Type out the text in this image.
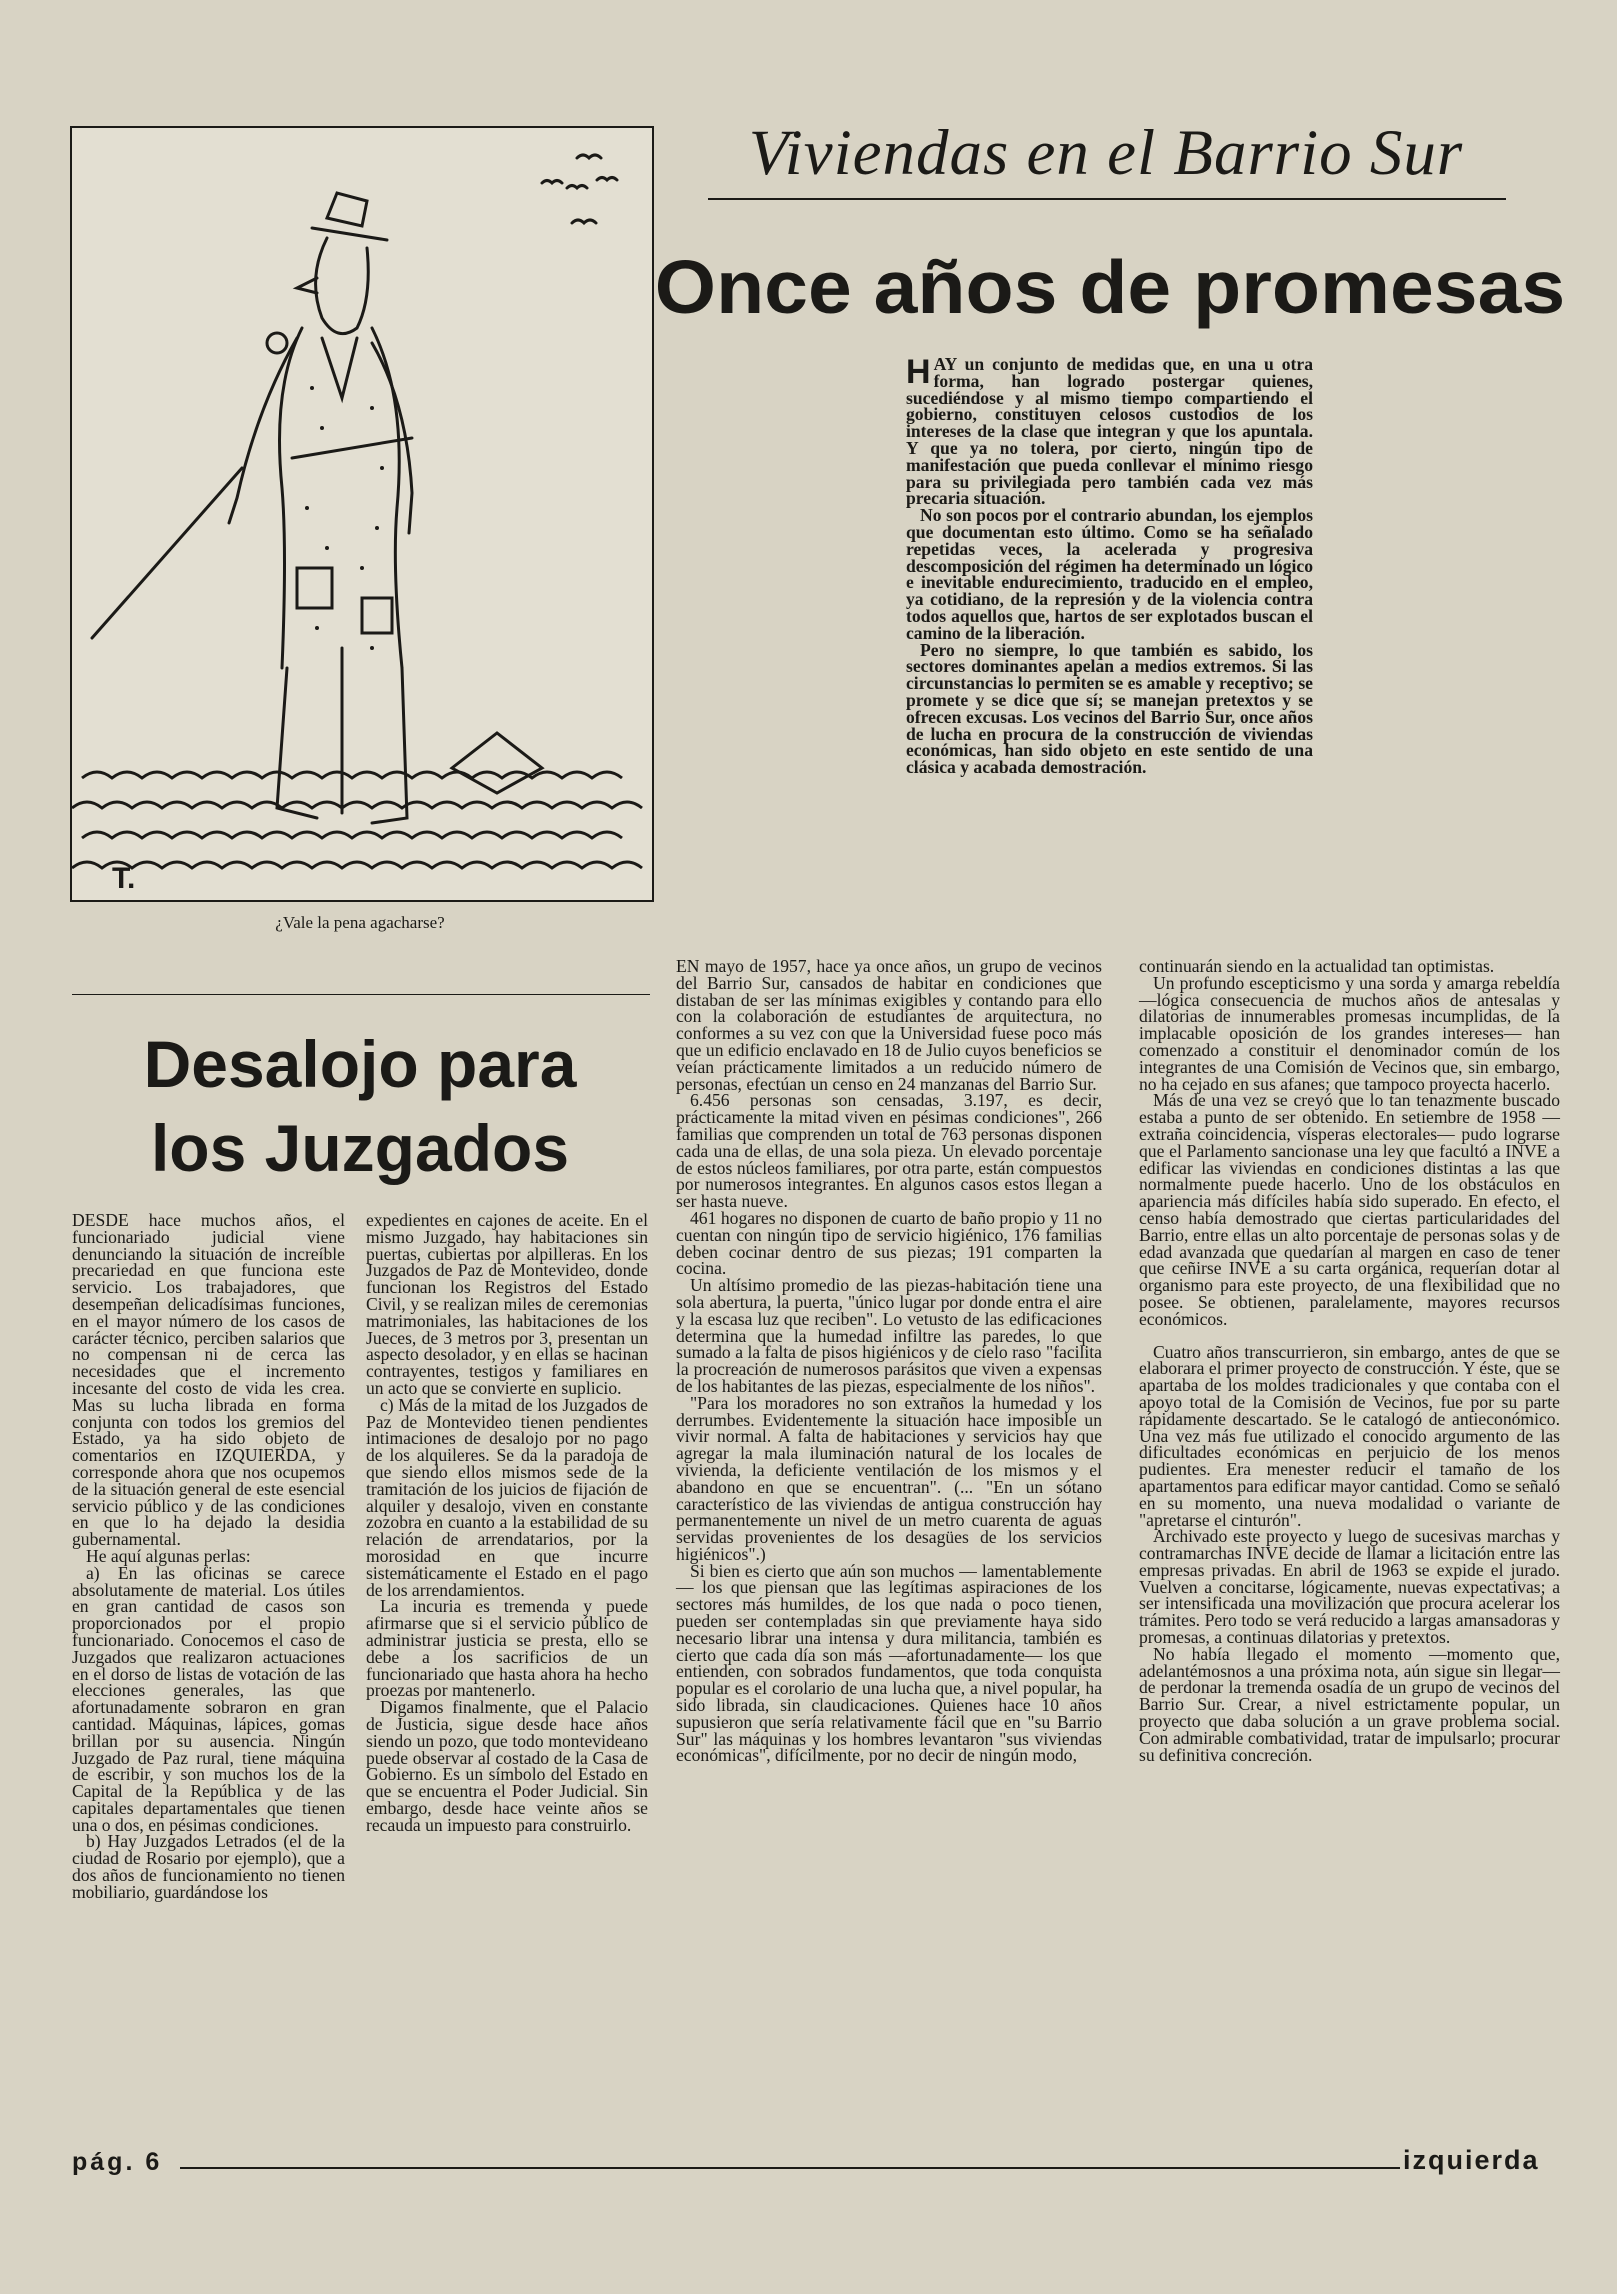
T.
¿Vale la pena agacharse?
Viviendas en el Barrio Sur
Once años de promesas

HAY un conjunto de medidas que, en una u otra forma, han logrado postergar quienes, sucediéndose y al mismo tiempo compartiendo el gobierno, constituyen celosos custodios de los intereses de la clase que integran y que los apuntala. Y que ya no tolera, por cierto, ningún tipo de manifestación que pueda conllevar el mínimo riesgo para su privilegiada pero también cada vez más precaria situación.

No son pocos por el contrario abundan, los ejemplos que documentan esto último. Como se ha señalado repetidas veces, la acelerada y progresiva descomposición del régimen ha determinado un lógico e inevitable endurecimiento, traducido en el empleo, ya cotidiano, de la represión y de la violencia contra todos aquellos que, hartos de ser explotados buscan el camino de la liberación.

Pero no siempre, lo que también es sabido, los sectores dominantes apelan a medios extremos. Si las circunstancias lo permiten se es amable y receptivo; se promete y se dice que sí; se manejan pretextos y se ofrecen excusas. Los vecinos del Barrio Sur, once años de lucha en procura de la construcción de viviendas económicas, han sido objeto en este sentido de una clásica y acabada demostración.

Desalojo para
los Juzgados

DESDE hace muchos años, el funcionariado judicial viene denunciando la situación de increíble precariedad en que funciona este servicio. Los trabajadores, que desempeñan delicadísimas funciones, en el mayor número de los casos de carácter técnico, perciben salarios que no compensan ni de cerca las necesidades que el incremento incesante del costo de vida les crea. Mas su lucha librada en forma conjunta con todos los gremios del Estado, ya ha sido objeto de comentarios en IZQUIERDA, y corresponde ahora que nos ocupemos de la situación general de este esencial servicio público y de las condiciones en que lo ha dejado la desidia gubernamental.

He aquí algunas perlas:

a) En las oficinas se carece absolutamente de material. Los útiles en gran cantidad de casos son proporcionados por el propio funcionariado. Conocemos el caso de Juzgados que realizaron actuaciones en el dorso de listas de votación de las elecciones generales, las que afortunadamente sobraron en gran cantidad. Máquinas, lápices, gomas brillan por su ausencia. Ningún Juzgado de Paz rural, tiene máquina de escribir, y son muchos los de la Capital de la República y de las capitales departamentales que tienen una o dos, en pésimas condiciones.

b) Hay Juzgados Letrados (el de la ciudad de Rosario por ejemplo), que a dos años de funcionamiento no tienen mobiliario, guardándose los

expedientes en cajones de aceite. En el mismo Juzgado, hay habitaciones sin puertas, cubiertas por alpilleras. En los Juzgados de Paz de Montevideo, donde funcionan los Registros del Estado Civil, y se realizan miles de ceremonias matrimoniales, las habitaciones de los Jueces, de 3 metros por 3, presentan un aspecto desolador, y en ellas se hacinan contrayentes, testigos y familiares en un acto que se convierte en suplicio.

c) Más de la mitad de los Juzgados de Paz de Montevideo tienen pendientes intimaciones de desalojo por no pago de los alquileres. Se da la paradoja de que siendo ellos mismos sede de la tramitación de los juicios de fijación de alquiler y desalojo, viven en constante zozobra en cuanto a la estabilidad de su relación de arrendatarios, por la morosidad en que incurre sistemáticamente el Estado en el pago de los arrendamientos.

La incuria es tremenda y puede afirmarse que si el servicio público de administrar justicia se presta, ello se debe a los sacrificios de un funcionariado que hasta ahora ha hecho proezas por mantenerlo.

Digamos finalmente, que el Palacio de Justicia, sigue desde hace años siendo un pozo, que todo montevideano puede observar al costado de la Casa de Gobierno. Es un símbolo del Estado en que se encuentra el Poder Judicial. Sin embargo, desde hace veinte años se recauda un impuesto para construirlo.

EN mayo de 1957, hace ya once años, un grupo de vecinos del Barrio Sur, cansados de habitar en condiciones que distaban de ser las mínimas exigibles y contando para ello con la colaboración de estudiantes de arquitectura, no conformes a su vez con que la Universidad fuese poco más que un edificio enclavado en 18 de Julio cuyos beneficios se veían prácticamente limitados a un reducido número de personas, efectúan un censo en 24 manzanas del Barrio Sur.

6.456 personas son censadas, 3.197, es decir, prácticamente la mitad viven en pésimas condiciones", 266 familias que comprenden un total de 763 personas disponen cada una de ellas, de una sola pieza. Un elevado porcentaje de estos núcleos familiares, por otra parte, están compuestos por numerosos integrantes. En algunos casos estos llegan a ser hasta nueve.

461 hogares no disponen de cuarto de baño propio y 11 no cuentan con ningún tipo de servicio higiénico, 176 familias deben cocinar dentro de sus piezas; 191 comparten la cocina.

Un altísimo promedio de las piezas-habitación tiene una sola abertura, la puerta, "único lugar por donde entra el aire y la escasa luz que reciben". Lo vetusto de las edificaciones determina que la humedad infiltre las paredes, lo que sumado a la falta de pisos higiénicos y de cielo raso "facilita la procreación de numerosos parásitos que viven a expensas de los habitantes de las piezas, especialmente de los niños".

"Para los moradores no son extraños la humedad y los derrumbes. Evidentemente la situación hace imposible un vivir normal. A falta de habitaciones y servicios hay que agregar la mala iluminación natural de los locales de vivienda, la deficiente ventilación de los mismos y el abandono en que se encuentran". (... "En un sótano característico de las viviendas de antigua construcción hay permanentemente un nivel de un metro cuarenta de aguas servidas provenientes de los desagües de los servicios higiénicos".)

Si bien es cierto que aún son muchos — lamentablemente— los que piensan que las legítimas aspiraciones de los sectores más humildes, de los que nada o poco tienen, pueden ser contempladas sin que previamente haya sido necesario librar una intensa y dura militancia, también es cierto que cada día son más —afortunadamente— los que entienden, con sobrados fundamentos, que toda conquista popular es el corolario de una lucha que, a nivel popular, ha sido librada, sin claudicaciones. Quienes hace 10 años supusieron que sería relativamente fácil que en "su Barrio Sur" las máquinas y los hombres levantaron "sus viviendas económicas", difícilmente, por no decir de ningún modo,

continuarán siendo en la actualidad tan optimistas.

Un profundo escepticismo y una sorda y amarga rebeldía —lógica consecuencia de muchos años de antesalas y dilatorias de innumerables promesas incumplidas, de la implacable oposición de los grandes intereses— han comenzado a constituir el denominador común de los integrantes de una Comisión de Vecinos que, sin embargo, no ha cejado en sus afanes; que tampoco proyecta hacerlo.

Más de una vez se creyó que lo tan tenazmente buscado estaba a punto de ser obtenido. En setiembre de 1958 —extraña coincidencia, vísperas electorales— pudo lograrse que el Parlamento sancionase una ley que facultó a INVE a edificar las viviendas en condiciones distintas a las que normalmente puede hacerlo. Uno de los obstáculos en apariencia más difíciles había sido superado. En efecto, el censo había demostrado que ciertas particularidades del Barrio, entre ellas un alto porcentaje de personas solas y de edad avanzada que quedarían al margen en caso de tener que ceñirse INVE a su carta orgánica, requerían dotar al organismo para este proyecto, de una flexibilidad que no posee. Se obtienen, paralelamente, mayores recursos económicos.

Cuatro años transcurrieron, sin embargo, antes de que se elaborara el primer proyecto de construcción. Y éste, que se apartaba de los moldes tradicionales y que contaba con el apoyo total de la Comisión de Vecinos, fue por su parte rápidamente descartado. Se le catalogó de antieconómico. Una vez más fue utilizado el conocido argumento de las dificultades económicas en perjuicio de los menos pudientes. Era menester reducir el tamaño de los apartamentos para edificar mayor cantidad. Como se señaló en su momento, una nueva modalidad o variante de "apretarse el cinturón".

Archivado este proyecto y luego de sucesivas marchas y contramarchas INVE decide de llamar a licitación entre las empresas privadas. En abril de 1963 se expide el jurado. Vuelven a concitarse, lógicamente, nuevas expectativas; a ser intensificada una movilización que procura acelerar los trámites. Pero todo se verá reducido a largas amansadoras y promesas, a continuas dilatorias y pretextos.

No había llegado el momento —momento que, adelantémosnos a una próxima nota, aún sigue sin llegar— de perdonar la tremenda osadía de un grupo de vecinos del Barrio Sur. Crear, a nivel estrictamente popular, un proyecto que daba solución a un grave problema social. Con admirable combatividad, tratar de impulsarlo; procurar su definitiva concreción.

pág. 6	izquierda
